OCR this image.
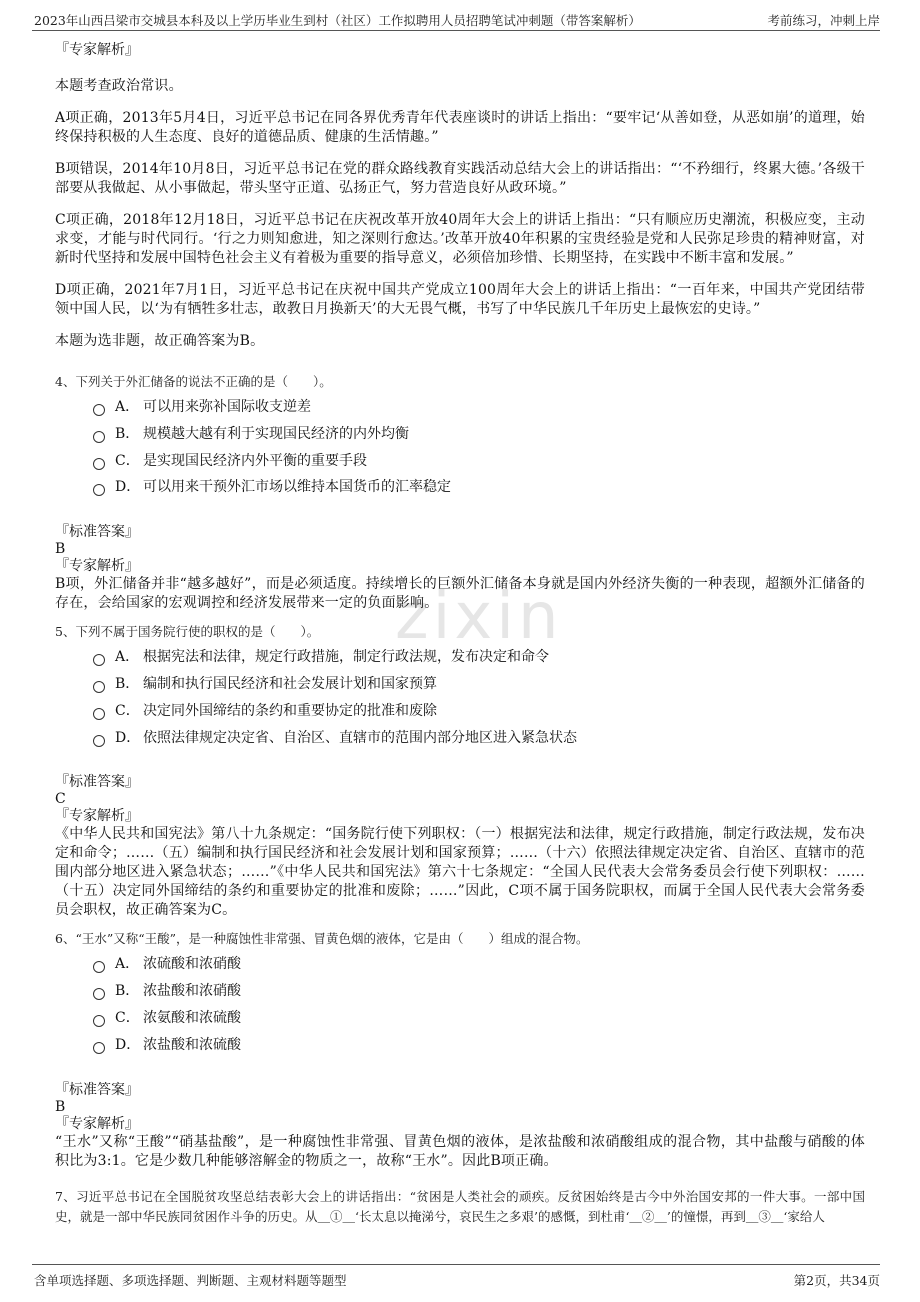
2023年山西吕梁市交城县本科及以上学历毕业生到村（社区）工作拟聘用人员招聘笔试冲刺题（带答案解析）	考前练习，冲刺上岸
zixin
『专家解析』
本题考查政治常识。
A项正确，2013年5月4日，习近平总书记在同各界优秀青年代表座谈时的讲话上指出：“要牢记‘从善如登，从恶如崩’的道理，始终保持积极的人生态度、良好的道德品质、健康的生活情趣。”
B项错误，2014年10月8日，习近平总书记在党的群众路线教育实践活动总结大会上的讲话指出：“‘不矜细行，终累大德。’各级干部要从我做起、从小事做起，带头坚守正道、弘扬正气，努力营造良好从政环境。”
C项正确，2018年12月18日，习近平总书记在庆祝改革开放40周年大会上的讲话上指出：“只有顺应历史潮流，积极应变，主动求变，才能与时代同行。‘行之力则知愈进，知之深则行愈达。’改革开放40年积累的宝贵经验是党和人民弥足珍贵的精神财富，对新时代坚持和发展中国特色社会主义有着极为重要的指导意义，必须倍加珍惜、长期坚持，在实践中不断丰富和发展。”
D项正确，2021年7月1日，习近平总书记在庆祝中国共产党成立100周年大会上的讲话上指出：“一百年来，中国共产党团结带领中国人民，以‘为有牺牲多壮志，敢教日月换新天’的大无畏气概，书写了中华民族几千年历史上最恢宏的史诗。”
本题为选非题，故正确答案为B。
4、下列关于外汇储备的说法不正确的是（　　）。
A． 可以用来弥补国际收支逆差
B． 规模越大越有利于实现国民经济的内外均衡
C． 是实现国民经济内外平衡的重要手段
D． 可以用来干预外汇市场以维持本国货币的汇率稳定
『标准答案』
B
『专家解析』
B项，外汇储备并非“越多越好”，而是必须适度。持续增长的巨额外汇储备本身就是国内外经济失衡的一种表现，超额外汇储备的存在，会给国家的宏观调控和经济发展带来一定的负面影响。
5、下列不属于国务院行使的职权的是（　　）。
A． 根据宪法和法律，规定行政措施，制定行政法规，发布决定和命令
B． 编制和执行国民经济和社会发展计划和国家预算
C． 决定同外国缔结的条约和重要协定的批准和废除
D． 依照法律规定决定省、自治区、直辖市的范围内部分地区进入紧急状态
『标准答案』
C
『专家解析』
《中华人民共和国宪法》第八十九条规定：“国务院行使下列职权：（一）根据宪法和法律，规定行政措施，制定行政法规，发布决定和命令；……（五）编制和执行国民经济和社会发展计划和国家预算；……（十六）依照法律规定决定省、自治区、直辖市的范围内部分地区进入紧急状态；……”《中华人民共和国宪法》第六十七条规定：“全国人民代表大会常务委员会行使下列职权：……（十五）决定同外国缔结的条约和重要协定的批准和废除；……”因此，C项不属于国务院职权，而属于全国人民代表大会常务委员会职权，故正确答案为C。
6、“王水”又称“王酸”，是一种腐蚀性非常强、冒黄色烟的液体，它是由（　　）组成的混合物。
A． 浓硫酸和浓硝酸
B． 浓盐酸和浓硝酸
C． 浓氨酸和浓硫酸
D． 浓盐酸和浓硫酸
『标准答案』
B
『专家解析』
“王水”又称“王酸”“硝基盐酸”，是一种腐蚀性非常强、冒黄色烟的液体，是浓盐酸和浓硝酸组成的混合物，其中盐酸与硝酸的体积比为3:1。它是少数几种能够溶解金的物质之一，故称“王水”。因此B项正确。
7、习近平总书记在全国脱贫攻坚总结表彰大会上的讲话指出：“贫困是人类社会的顽疾。反贫困始终是古今中外治国安邦的一件大事。一部中国史，就是一部中华民族同贫困作斗争的历史。从＿①＿‘长太息以掩涕兮，哀民生之多艰’的感慨，到杜甫‘＿②＿’的憧憬，再到＿③＿‘家给人
含单项选择题、多项选择题、判断题、主观材料题等题型	第2页，共34页
